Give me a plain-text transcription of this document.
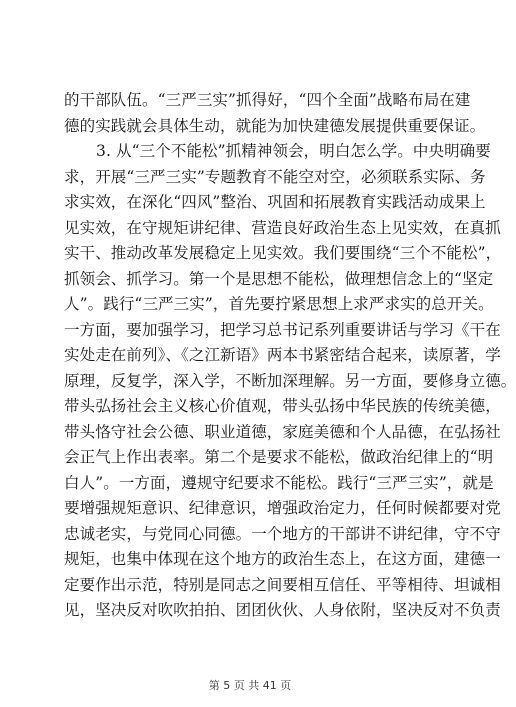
的干部队伍。“三严三实”抓得好，“四个全面”战略布局在建
德的实践就会具体生动，就能为加快建德发展提供重要保证。
3. 从“三个不能松”抓精神领会，明白怎么学。中央明确要
求，开展“三严三实”专题教育不能空对空，必须联系实际、务
求实效，在深化“四风”整治、巩固和拓展教育实践活动成果上
见实效，在守规矩讲纪律、营造良好政治生态上见实效，在真抓
实干、推动改革发展稳定上见实效。我们要围绕“三个不能松”，
抓领会、抓学习。第一个是思想不能松，做理想信念上的“坚定
人”。践行“三严三实”，首先要拧紧思想上求严求实的总开关。
一方面，要加强学习，把学习总书记系列重要讲话与学习《干在
实处走在前列》、《之江新语》两本书紧密结合起来，读原著，学
原理，反复学，深入学，不断加深理解。另一方面，要修身立德。
带头弘扬社会主义核心价值观，带头弘扬中华民族的传统美德，
带头恪守社会公德、职业道德，家庭美德和个人品德，在弘扬社
会正气上作出表率。第二个是要求不能松，做政治纪律上的“明
白人”。一方面，遵规守纪要求不能松。践行“三严三实”，就是
要增强规矩意识、纪律意识，增强政治定力，任何时候都要对党
忠诚老实，与党同心同德。一个地方的干部讲不讲纪律，守不守
规矩，也集中体现在这个地方的政治生态上，在这方面，建德一
定要作出示范，特别是同志之间要相互信任、平等相待、坦诚相
见，坚决反对吹吹拍拍、团团伙伙、人身依附，坚决反对不负责
第 5 页 共 41 页
